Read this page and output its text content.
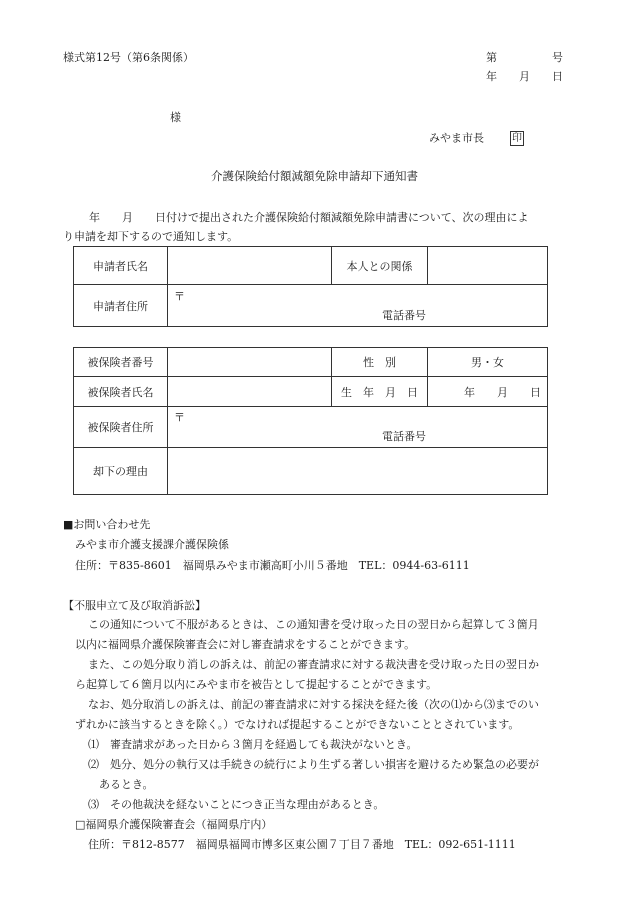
様式第12号（第6条関係）	第　　　　　号
年　　月　　日
様
みやま市長	印
介護保険給付額減額免除申請却下通知書
　年　　月　　日付けで提出された介護保険給付額減額免除申請書について、次の理由によ
り申請を却下するので通知します。
申請者氏名		本人との関係	
申請者住所	〒
電話番号		
被保険者番号		性　別	男・女
被保険者氏名		生　年　月　日	年　　月　　日
被保険者住所	〒
電話番号		

却下の理由			
■お問い合わせ先
みやま市介護支援課介護保険係
住所：〒835-8601　福岡県みやま市瀬高町小川５番地　TEL：0944-63-6111
【不服申立て及び取消訴訟】
この通知について不服があるときは、この通知書を受け取った日の翌日から起算して３箇月
以内に福岡県介護保険審査会に対し審査請求をすることができます。
また、この処分取り消しの訴えは、前記の審査請求に対する裁決書を受け取った日の翌日か
ら起算して６箇月以内にみやま市を被告として提起することができます。
なお、処分取消しの訴えは、前記の審査請求に対する採決を経た後（次の⑴から⑶までのい
ずれかに該当するときを除く。）でなければ提起することができないこととされています。
⑴　審査請求があった日から３箇月を経過しても裁決がないとき。
⑵　処分、処分の執行又は手続きの続行により生ずる著しい損害を避けるため緊急の必要が
あるとき。
⑶　その他裁決を経ないことにつき正当な理由があるとき。
□福岡県介護保険審査会（福岡県庁内）
住所：〒812-8577　福岡県福岡市博多区東公園７丁目７番地　TEL：092-651-1111
